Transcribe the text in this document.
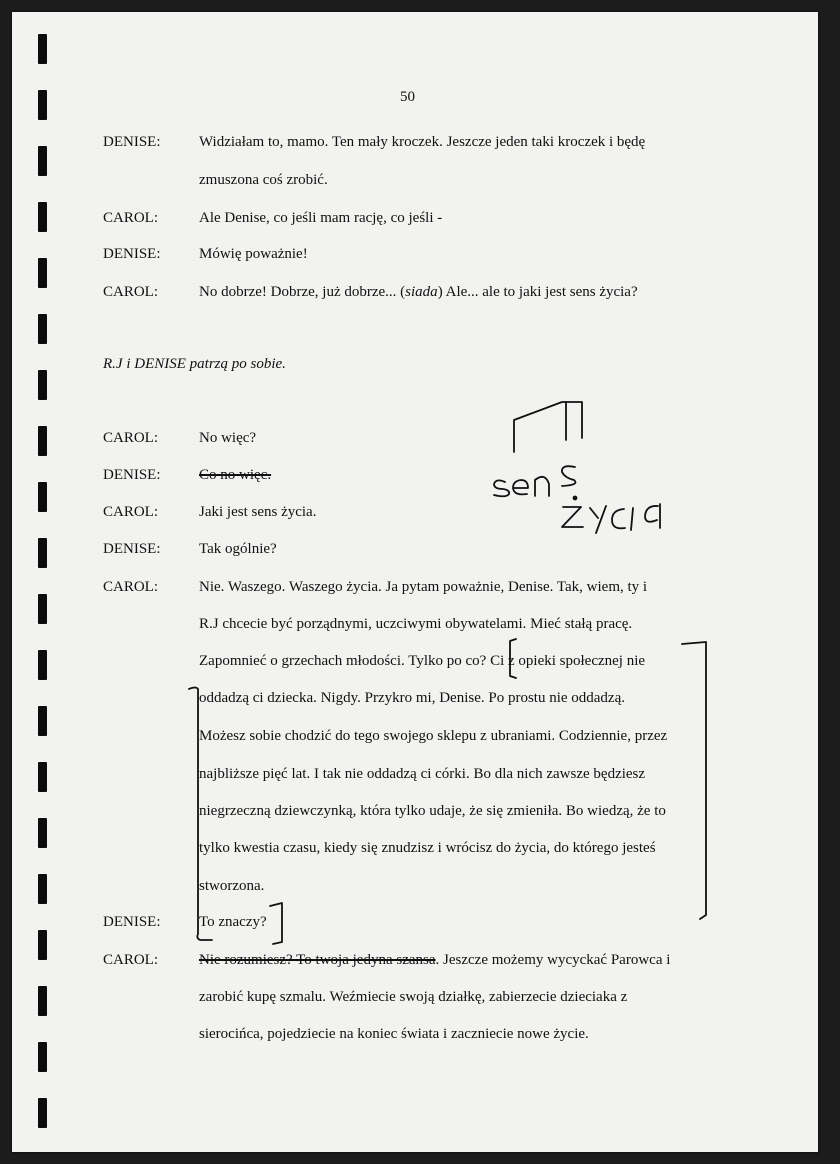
50
DENISE:	Widziałam to, mamo. Ten mały kroczek. Jeszcze jeden taki kroczek i będę
zmuszona coś zrobić.
CAROL:	Ale Denise, co jeśli mam rację, co jeśli -
DENISE:	Mówię poważnie!
CAROL:	No dobrze! Dobrze, już dobrze... (siada) Ale... ale to jaki jest sens życia?
R.J i DENISE patrzą po sobie.
CAROL:	No więc?
DENISE:	Co no więc.
CAROL:	Jaki jest sens życia.
DENISE:	Tak ogólnie?
CAROL:	Nie. Waszego. Waszego życia. Ja pytam poważnie, Denise. Tak, wiem, ty i
R.J chcecie być porządnymi, uczciwymi obywatelami. Mieć stałą pracę.
Zapomnieć o grzechach młodości. Tylko po co? Ci z opieki społecznej nie
oddadzą ci dziecka. Nigdy. Przykro mi, Denise. Po prostu nie oddadzą.
Możesz sobie chodzić do tego swojego sklepu z ubraniami. Codziennie, przez
najbliższe pięć lat. I tak nie oddadzą ci córki. Bo dla nich zawsze będziesz
niegrzeczną dziewczynką, która tylko udaje, że się zmieniła. Bo wiedzą, że to
tylko kwestia czasu, kiedy się znudzisz i wrócisz do życia, do którego jesteś
stworzona.
DENISE:	To znaczy?
CAROL:	Nie rozumiesz? To twoja jedyna szansa. Jeszcze możemy wycyckać Parowca i
zarobić kupę szmalu. Weźmiecie swoją działkę, zabierzecie dzieciaka z
sierocińca, pojedziecie na koniec świata i zaczniecie nowe życie.
sens życia
